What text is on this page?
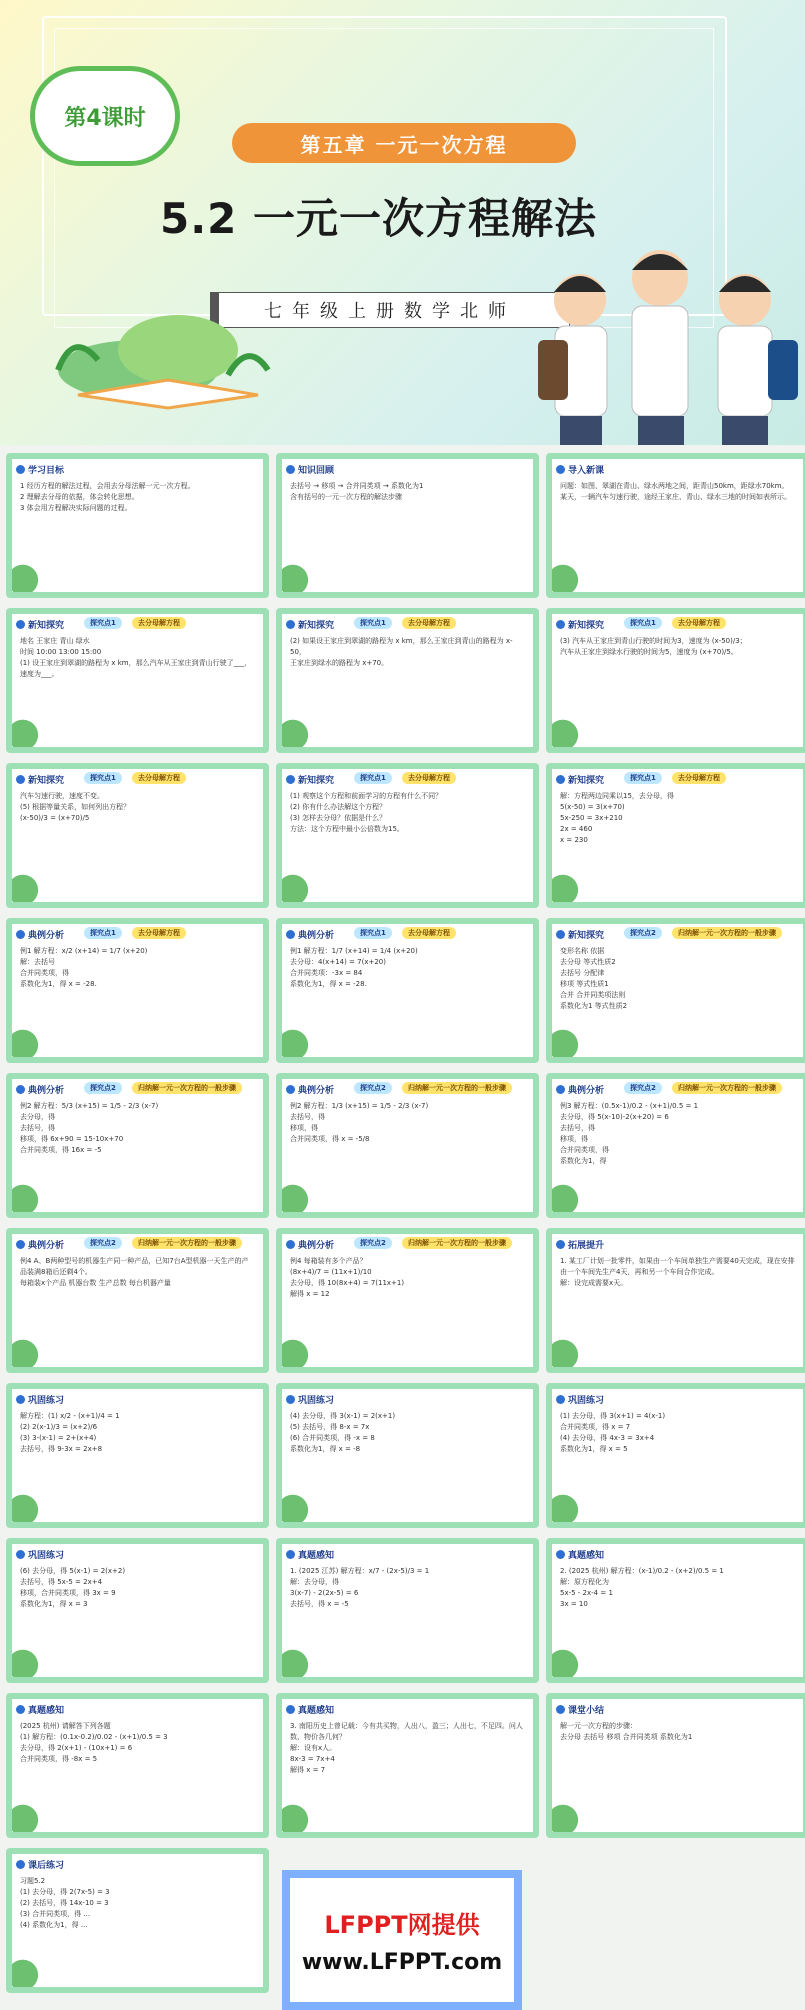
第4课时
第五章 一元一次方程
5.2 一元一次方程解法
七年级上册数学北师
学习目标
1 经历方程的解法过程，会用去分母法解一元一次方程。
2 理解去分母的依据，体会转化思想。
3 体会用方程解决实际问题的过程。
知识回顾
去括号 → 移项 → 合并同类项 → 系数化为1
含有括号的一元一次方程的解法步骤
导入新课
问题：如图，翠湖在青山、绿水两地之间，距青山50km，距绿水70km。某天，一辆汽车匀速行驶，途经王家庄、青山、绿水三地的时间如表所示。
新知探究	探究点1	去分母解方程
地名 王家庄 青山 绿水
时间 10:00 13:00 15:00
(1) 设王家庄到翠湖的路程为 x km，那么汽车从王家庄到青山行驶了___，速度为___。
新知探究	探究点1	去分母解方程
(2) 如果设王家庄到翠湖的路程为 x km，那么王家庄到青山的路程为 x-50，
王家庄到绿水的路程为 x+70。
新知探究	探究点1	去分母解方程
(3) 汽车从王家庄到青山行驶的时间为3，速度为 (x-50)/3；
汽车从王家庄到绿水行驶的时间为5，速度为 (x+70)/5。
新知探究	探究点1	去分母解方程
汽车匀速行驶，速度不变。
(5) 根据等量关系，如何列出方程？
(x-50)/3 = (x+70)/5
新知探究	探究点1	去分母解方程
(1) 观察这个方程和前面学习的方程有什么不同？
(2) 你有什么办法解这个方程？
(3) 怎样去分母？依据是什么？
方法：这个方程中最小公倍数为15。
新知探究	探究点1	去分母解方程
解：方程两边同乘以15，去分母，得
5(x-50) = 3(x+70)
5x-250 = 3x+210
2x = 460
x = 230
典例分析	探究点1	去分母解方程
例1 解方程：x/2 (x+14) = 1/7 (x+20)
解：去括号
合并同类项，得
系数化为1，得 x = -28.
典例分析	探究点1	去分母解方程
例1 解方程：1/7 (x+14) = 1/4 (x+20)
去分母：4(x+14) = 7(x+20)
合并同类项：-3x = 84
系数化为1，得 x = -28.
新知探究	探究点2	归纳解一元一次方程的一般步骤
变形名称 依据
去分母 等式性质2
去括号 分配律
移项 等式性质1
合并 合并同类项法则
系数化为1 等式性质2
典例分析	探究点2	归纳解一元一次方程的一般步骤
例2 解方程：5/3 (x+15) = 1/5 - 2/3 (x-7)
去分母，得
去括号，得
移项，得 6x+90 = 15-10x+70
合并同类项，得 16x = -5
典例分析	探究点2	归纳解一元一次方程的一般步骤
例2 解方程：1/3 (x+15) = 1/5 - 2/3 (x-7)
去括号，得
移项，得
合并同类项，得 x = -5/8
典例分析	探究点2	归纳解一元一次方程的一般步骤
例3 解方程：(0.5x-1)/0.2 - (x+1)/0.5 = 1
去分母，得 5(x-10)-2(x+20) = 6
去括号，得
移项，得
合并同类项，得
系数化为1，得
典例分析	探究点2	归纳解一元一次方程的一般步骤
例4 A、B两种型号的机器生产同一种产品，已知7台A型机器一天生产的产品装满8箱后还剩4个。
每箱装x个产品 机器台数 生产总数 每台机器产量
典例分析	探究点2	归纳解一元一次方程的一般步骤
例4 每箱装有多个产品？
(8x+4)/7 = (11x+1)/10
去分母，得 10(8x+4) = 7(11x+1)
解得 x = 12
拓展提升
1. 某工厂计划一批零件，如果由一个车间单独生产需要40天完成，现在安排由一个车间先生产4天，再和另一个车间合作完成。
解：设完成需要x天。
巩固练习
解方程：(1) x/2 - (x+1)/4 = 1
(2) 2(x-1)/3 = (x+2)/6
(3) 3-(x-1) = 2+(x+4)
去括号，得 9-3x = 2x+8
巩固练习
(4) 去分母，得 3(x-1) = 2(x+1)
(5) 去括号，得 8-x = 7x
(6) 合并同类项，得 -x = 8
系数化为1，得 x = -8
巩固练习
(1) 去分母，得 3(x+1) = 4(x-1)
合并同类项，得 x = 7
(4) 去分母，得 4x-3 = 3x+4
系数化为1，得 x = 5
巩固练习
(6) 去分母，得 5(x-1) = 2(x+2)
去括号，得 5x-5 = 2x+4
移项，合并同类项，得 3x = 9
系数化为1，得 x = 3
真题感知
1. (2025 江苏) 解方程：x/7 - (2x-5)/3 = 1
解：去分母，得
3(x-7) - 2(2x-5) = 6
去括号，得 x = -5
真题感知
2. (2025 杭州) 解方程：(x-1)/0.2 - (x+2)/0.5 = 1
解：原方程化为
5x-5 - 2x-4 = 1
3x = 10
真题感知
(2025 杭州) 请解答下列各题
(1) 解方程：(0.1x-0.2)/0.02 - (x+1)/0.5 = 3
去分母，得 2(x+1) - (10x+1) = 6
合并同类项，得 -8x = 5
真题感知
3. 南阳历史上曾记载：今有共买物，人出八，盈三；人出七，不足四。问人数、物价各几何？
解：设有x人。
8x-3 = 7x+4
解得 x = 7
课堂小结
解一元一次方程的步骤：
去分母 去括号 移项 合并同类项 系数化为1
课后练习
习题5.2
(1) 去分母，得 2(7x-5) = 3
(2) 去括号，得 14x-10 = 3
(3) 合并同类项，得 ...
(4) 系数化为1，得 ...	LFPPT网提供
www.LFPPT.com
